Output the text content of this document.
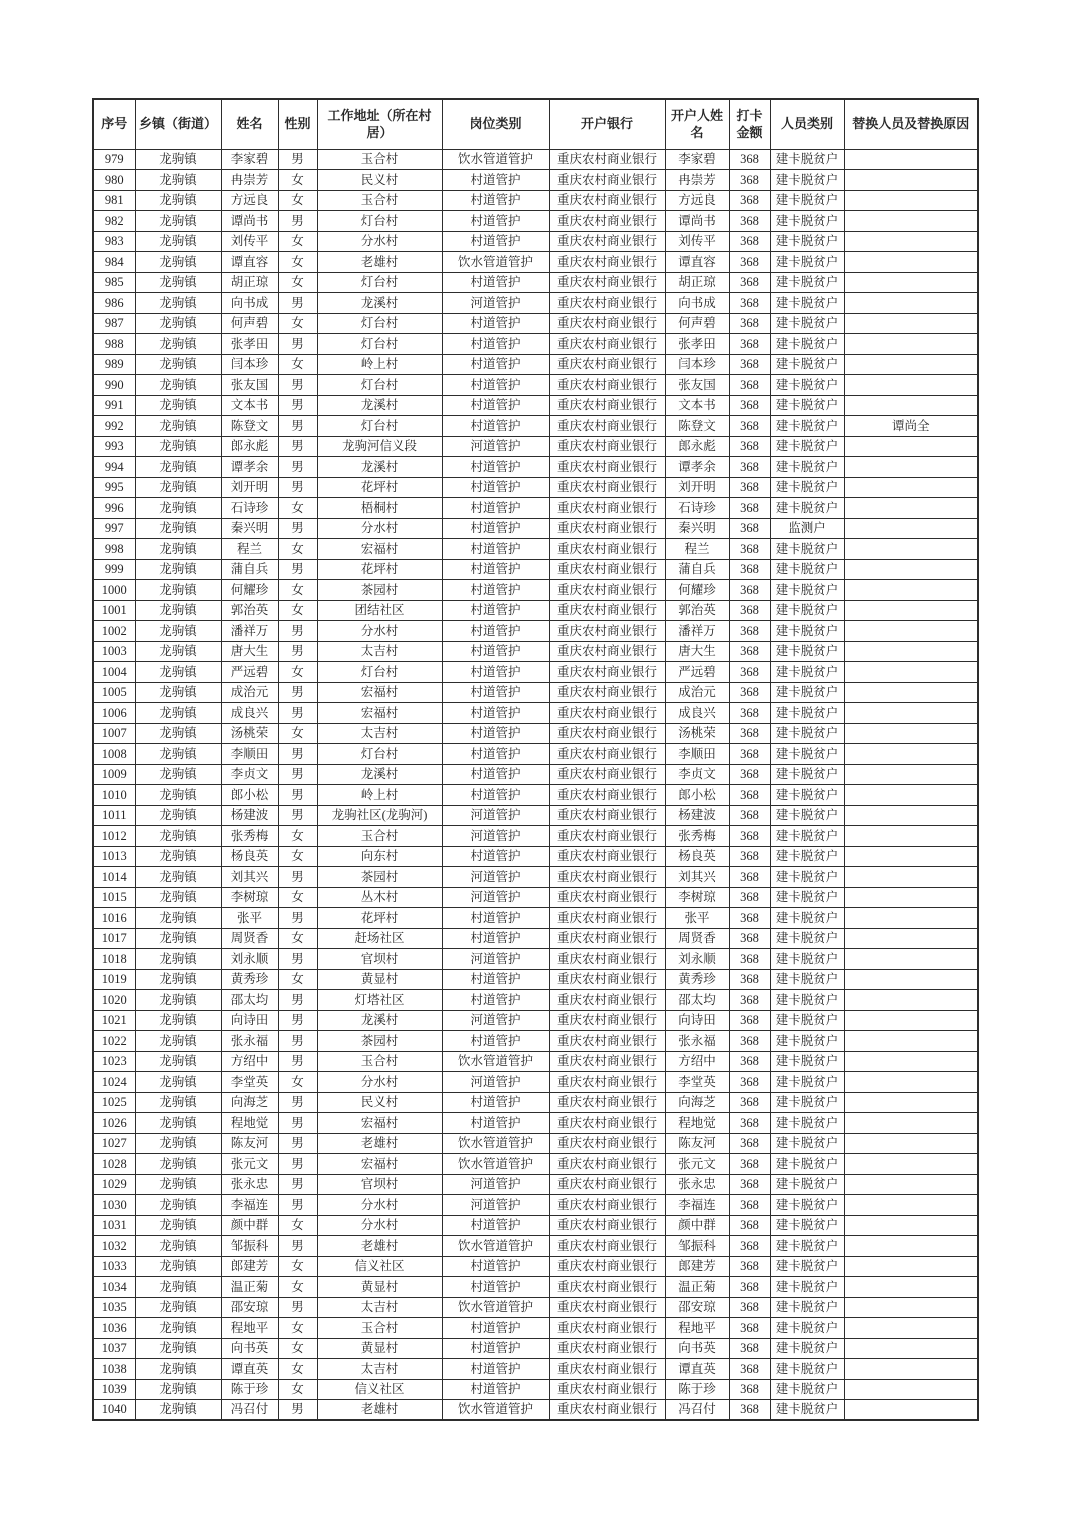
序号	乡镇（街道）	姓名	性别	工作地址（所在村居）	岗位类别	开户银行	开户人姓名	打卡金额	人员类别	替换人员及替换原因
979	龙驹镇	李家碧	男	玉合村	饮水管道管护	重庆农村商业银行	李家碧	368	建卡脱贫户	
980	龙驹镇	冉崇芳	女	民义村	村道管护	重庆农村商业银行	冉崇芳	368	建卡脱贫户	
981	龙驹镇	方远良	女	玉合村	村道管护	重庆农村商业银行	方远良	368	建卡脱贫户	
982	龙驹镇	谭尚书	男	灯台村	村道管护	重庆农村商业银行	谭尚书	368	建卡脱贫户	
983	龙驹镇	刘传平	女	分水村	村道管护	重庆农村商业银行	刘传平	368	建卡脱贫户	
984	龙驹镇	谭直容	女	老雄村	饮水管道管护	重庆农村商业银行	谭直容	368	建卡脱贫户	
985	龙驹镇	胡正琼	女	灯台村	村道管护	重庆农村商业银行	胡正琼	368	建卡脱贫户	
986	龙驹镇	向书成	男	龙溪村	河道管护	重庆农村商业银行	向书成	368	建卡脱贫户	
987	龙驹镇	何声碧	女	灯台村	村道管护	重庆农村商业银行	何声碧	368	建卡脱贫户	
988	龙驹镇	张孝田	男	灯台村	村道管护	重庆农村商业银行	张孝田	368	建卡脱贫户	
989	龙驹镇	闫本珍	女	岭上村	村道管护	重庆农村商业银行	闫本珍	368	建卡脱贫户	
990	龙驹镇	张友国	男	灯台村	村道管护	重庆农村商业银行	张友国	368	建卡脱贫户	
991	龙驹镇	文本书	男	龙溪村	村道管护	重庆农村商业银行	文本书	368	建卡脱贫户	
992	龙驹镇	陈登文	男	灯台村	村道管护	重庆农村商业银行	陈登文	368	建卡脱贫户	谭尚全
993	龙驹镇	郎永彪	男	龙驹河信义段	河道管护	重庆农村商业银行	郎永彪	368	建卡脱贫户	
994	龙驹镇	谭孝余	男	龙溪村	村道管护	重庆农村商业银行	谭孝余	368	建卡脱贫户	
995	龙驹镇	刘开明	男	花坪村	村道管护	重庆农村商业银行	刘开明	368	建卡脱贫户	
996	龙驹镇	石诗珍	女	梧桐村	村道管护	重庆农村商业银行	石诗珍	368	建卡脱贫户	
997	龙驹镇	秦兴明	男	分水村	村道管护	重庆农村商业银行	秦兴明	368	监测户	
998	龙驹镇	程兰	女	宏福村	村道管护	重庆农村商业银行	程兰	368	建卡脱贫户	
999	龙驹镇	蒲自兵	男	花坪村	村道管护	重庆农村商业银行	蒲自兵	368	建卡脱贫户	
1000	龙驹镇	何耀珍	女	茶园村	村道管护	重庆农村商业银行	何耀珍	368	建卡脱贫户	
1001	龙驹镇	郭治英	女	团结社区	村道管护	重庆农村商业银行	郭治英	368	建卡脱贫户	
1002	龙驹镇	潘祥万	男	分水村	村道管护	重庆农村商业银行	潘祥万	368	建卡脱贫户	
1003	龙驹镇	唐大生	男	太吉村	村道管护	重庆农村商业银行	唐大生	368	建卡脱贫户	
1004	龙驹镇	严远碧	女	灯台村	村道管护	重庆农村商业银行	严远碧	368	建卡脱贫户	
1005	龙驹镇	成治元	男	宏福村	村道管护	重庆农村商业银行	成治元	368	建卡脱贫户	
1006	龙驹镇	成良兴	男	宏福村	村道管护	重庆农村商业银行	成良兴	368	建卡脱贫户	
1007	龙驹镇	汤桃荣	女	太吉村	村道管护	重庆农村商业银行	汤桃荣	368	建卡脱贫户	
1008	龙驹镇	李顺田	男	灯台村	村道管护	重庆农村商业银行	李顺田	368	建卡脱贫户	
1009	龙驹镇	李贞文	男	龙溪村	村道管护	重庆农村商业银行	李贞文	368	建卡脱贫户	
1010	龙驹镇	郎小松	男	岭上村	村道管护	重庆农村商业银行	郎小松	368	建卡脱贫户	
1011	龙驹镇	杨建波	男	龙驹社区(龙驹河)	河道管护	重庆农村商业银行	杨建波	368	建卡脱贫户	
1012	龙驹镇	张秀梅	女	玉合村	河道管护	重庆农村商业银行	张秀梅	368	建卡脱贫户	
1013	龙驹镇	杨良英	女	向东村	村道管护	重庆农村商业银行	杨良英	368	建卡脱贫户	
1014	龙驹镇	刘其兴	男	茶园村	河道管护	重庆农村商业银行	刘其兴	368	建卡脱贫户	
1015	龙驹镇	李树琼	女	丛木村	河道管护	重庆农村商业银行	李树琼	368	建卡脱贫户	
1016	龙驹镇	张平	男	花坪村	村道管护	重庆农村商业银行	张平	368	建卡脱贫户	
1017	龙驹镇	周贤香	女	赶场社区	村道管护	重庆农村商业银行	周贤香	368	建卡脱贫户	
1018	龙驹镇	刘永顺	男	官坝村	河道管护	重庆农村商业银行	刘永顺	368	建卡脱贫户	
1019	龙驹镇	黄秀珍	女	黄显村	村道管护	重庆农村商业银行	黄秀珍	368	建卡脱贫户	
1020	龙驹镇	邵太均	男	灯塔社区	村道管护	重庆农村商业银行	邵太均	368	建卡脱贫户	
1021	龙驹镇	向诗田	男	龙溪村	河道管护	重庆农村商业银行	向诗田	368	建卡脱贫户	
1022	龙驹镇	张永福	男	茶园村	村道管护	重庆农村商业银行	张永福	368	建卡脱贫户	
1023	龙驹镇	方绍中	男	玉合村	饮水管道管护	重庆农村商业银行	方绍中	368	建卡脱贫户	
1024	龙驹镇	李堂英	女	分水村	河道管护	重庆农村商业银行	李堂英	368	建卡脱贫户	
1025	龙驹镇	向海芝	男	民义村	村道管护	重庆农村商业银行	向海芝	368	建卡脱贫户	
1026	龙驹镇	程地觉	男	宏福村	村道管护	重庆农村商业银行	程地觉	368	建卡脱贫户	
1027	龙驹镇	陈友河	男	老雄村	饮水管道管护	重庆农村商业银行	陈友河	368	建卡脱贫户	
1028	龙驹镇	张元文	男	宏福村	饮水管道管护	重庆农村商业银行	张元文	368	建卡脱贫户	
1029	龙驹镇	张永忠	男	官坝村	河道管护	重庆农村商业银行	张永忠	368	建卡脱贫户	
1030	龙驹镇	李福连	男	分水村	河道管护	重庆农村商业银行	李福连	368	建卡脱贫户	
1031	龙驹镇	颜中群	女	分水村	村道管护	重庆农村商业银行	颜中群	368	建卡脱贫户	
1032	龙驹镇	邹振科	男	老雄村	饮水管道管护	重庆农村商业银行	邹振科	368	建卡脱贫户	
1033	龙驹镇	郎建芳	女	信义社区	村道管护	重庆农村商业银行	郎建芳	368	建卡脱贫户	
1034	龙驹镇	温正菊	女	黄显村	村道管护	重庆农村商业银行	温正菊	368	建卡脱贫户	
1035	龙驹镇	邵安琼	男	太吉村	饮水管道管护	重庆农村商业银行	邵安琼	368	建卡脱贫户	
1036	龙驹镇	程地平	女	玉合村	村道管护	重庆农村商业银行	程地平	368	建卡脱贫户	
1037	龙驹镇	向书英	女	黄显村	村道管护	重庆农村商业银行	向书英	368	建卡脱贫户	
1038	龙驹镇	谭直英	女	太吉村	村道管护	重庆农村商业银行	谭直英	368	建卡脱贫户	
1039	龙驹镇	陈于珍	女	信义社区	村道管护	重庆农村商业银行	陈于珍	368	建卡脱贫户	
1040	龙驹镇	冯召付	男	老雄村	饮水管道管护	重庆农村商业银行	冯召付	368	建卡脱贫户	
